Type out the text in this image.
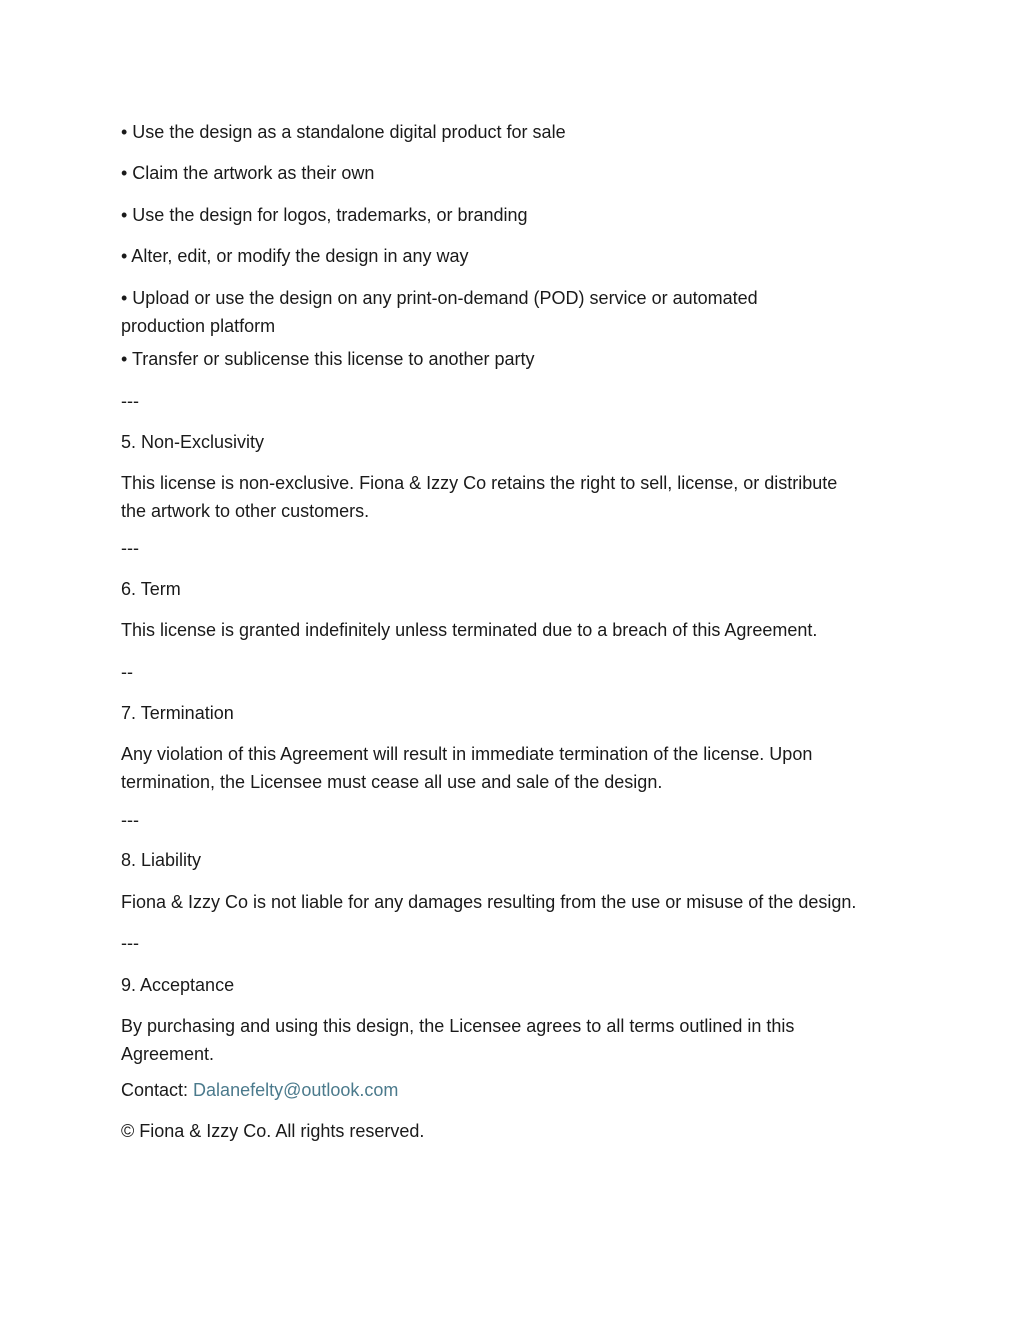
• Use the design as a standalone digital product for sale
• Claim the artwork as their own
• Use the design for logos, trademarks, or branding
• Alter, edit, or modify the design in any way
• Upload or use the design on any print-on-demand (POD) service or automated
production platform
• Transfer or sublicense this license to another party
---
5. Non-Exclusivity
This license is non-exclusive. Fiona & Izzy Co retains the right to sell, license, or distribute
the artwork to other customers.
---
6. Term
This license is granted indefinitely unless terminated due to a breach of this Agreement.
--
7. Termination
Any violation of this Agreement will result in immediate termination of the license. Upon
termination, the Licensee must cease all use and sale of the design.
---
8. Liability
Fiona & Izzy Co is not liable for any damages resulting from the use or misuse of the design.
---
9. Acceptance
By purchasing and using this design, the Licensee agrees to all terms outlined in this
Agreement.
Contact: Dalanefelty@outlook.com
© Fiona & Izzy Co. All rights reserved.
